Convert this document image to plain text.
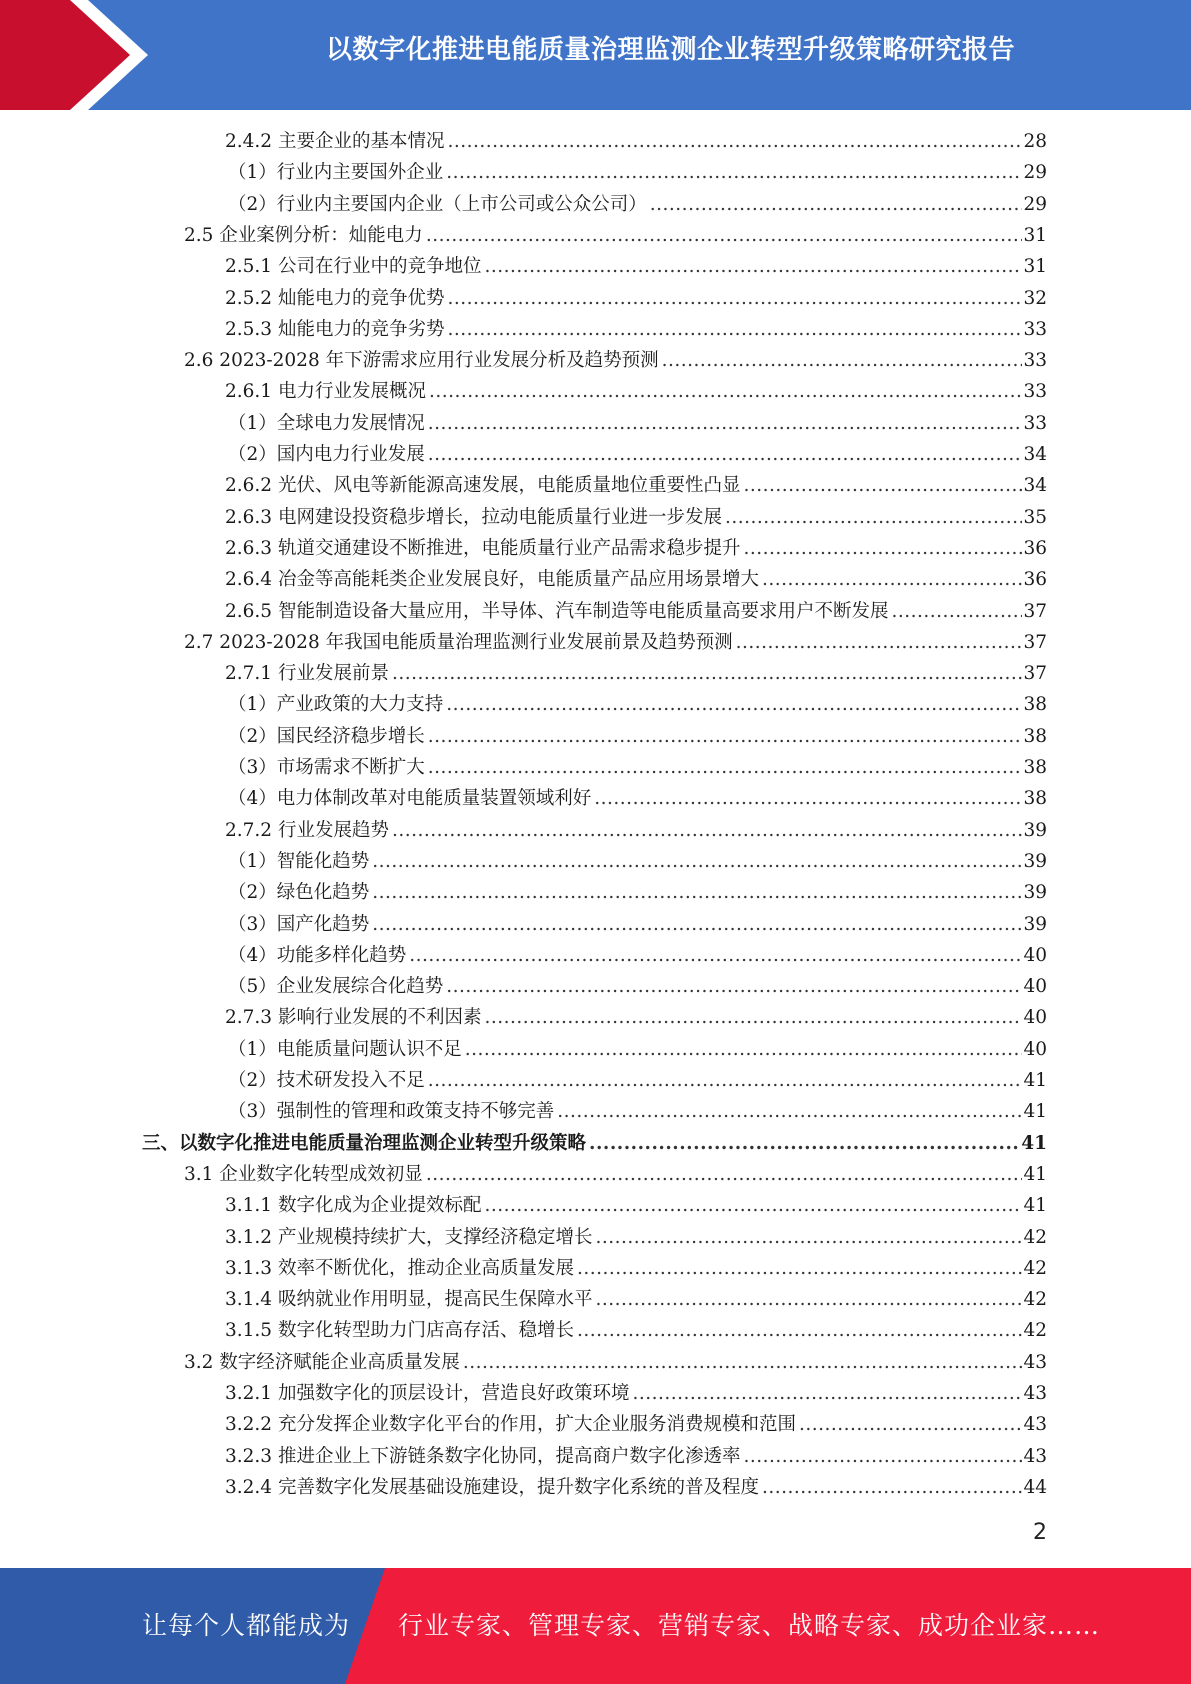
以数字化推进电能质量治理监测企业转型升级策略研究报告
2.4.2 主要企业的基本情况 .....	28
（1）行业内主要国外企业 .....	29
（2）行业内主要国内企业（上市公司或公众公司） .....	29
2.5 企业案例分析：灿能电力 .....	31
2.5.1 公司在行业中的竞争地位 .....	31
2.5.2 灿能电力的竞争优势 .....	32
2.5.3 灿能电力的竞争劣势 .....	33
2.6 2023-2028 年下游需求应用行业发展分析及趋势预测 .....	33
2.6.1 电力行业发展概况 .....	33
（1）全球电力发展情况 .....	33
（2）国内电力行业发展 .....	34
2.6.2 光伏、风电等新能源高速发展，电能质量地位重要性凸显 .....	34
2.6.3 电网建设投资稳步增长，拉动电能质量行业进一步发展 .....	35
2.6.3 轨道交通建设不断推进，电能质量行业产品需求稳步提升 .....	36
2.6.4 冶金等高能耗类企业发展良好，电能质量产品应用场景增大 .....	36
2.6.5 智能制造设备大量应用，半导体、汽车制造等电能质量高要求用户不断发展 .....	37
2.7 2023-2028 年我国电能质量治理监测行业发展前景及趋势预测 .....	37
2.7.1 行业发展前景 .....	37
（1）产业政策的大力支持 .....	38
（2）国民经济稳步增长 .....	38
（3）市场需求不断扩大 .....	38
（4）电力体制改革对电能质量装置领域利好 .....	38
2.7.2 行业发展趋势 .....	39
（1）智能化趋势 .....	39
（2）绿色化趋势 .....	39
（3）国产化趋势 .....	39
（4）功能多样化趋势 .....	40
（5）企业发展综合化趋势 .....	40
2.7.3 影响行业发展的不利因素 .....	40
（1）电能质量问题认识不足 .....	40
（2）技术研发投入不足 .....	41
（3）强制性的管理和政策支持不够完善 .....	41
三、以数字化推进电能质量治理监测企业转型升级策略 .....	41
3.1 企业数字化转型成效初显 .....	41
3.1.1 数字化成为企业提效标配 .....	41
3.1.2 产业规模持续扩大，支撑经济稳定增长 .....	42
3.1.3 效率不断优化，推动企业高质量发展 .....	42
3.1.4 吸纳就业作用明显，提高民生保障水平 .....	42
3.1.5 数字化转型助力门店高存活、稳增长 .....	42
3.2 数字经济赋能企业高质量发展 .....	43
3.2.1 加强数字化的顶层设计，营造良好政策环境 .....	43
3.2.2 充分发挥企业数字化平台的作用，扩大企业服务消费规模和范围 .....	43
3.2.3 推进企业上下游链条数字化协同，提高商户数字化渗透率 .....	43
3.2.4 完善数字化发展基础设施建设，提升数字化系统的普及程度 .....	44
2
让每个人都能成为 行业专家、管理专家、营销专家、战略专家、成功企业家……
